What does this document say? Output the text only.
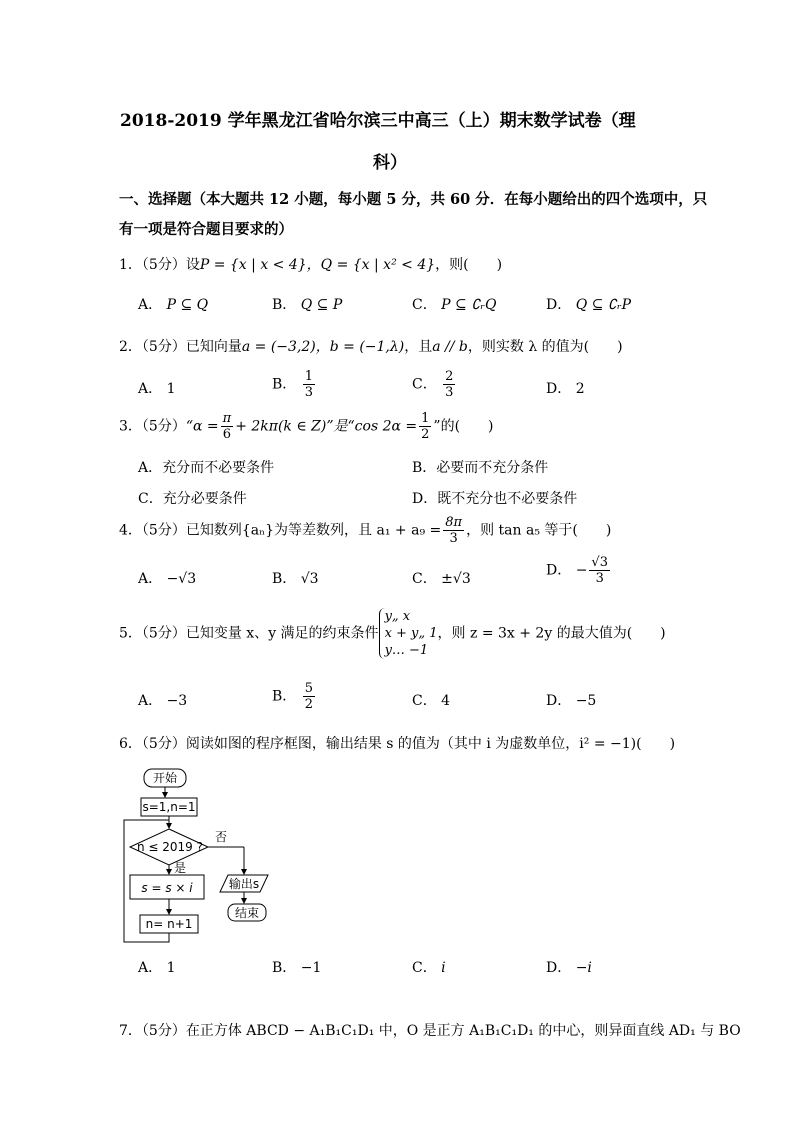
2018-2019 学年黑龙江省哈尔滨三中高三（上）期末数学试卷（理
科）
一、选择题（本大题共 12 小题，每小题 5 分，共 60 分．在每小题给出的四个选项中，只
有一项是符合题目要求的）
1．（5分）设P = {x | x < 4}，Q = {x | x² < 4}，则(　　)
A． P ⊆ Q	B． Q ⊆ P	C． P ⊆ ∁ᵣQ	D． Q ⊆ ∁ᵣP
2．（5分）已知向量a = (−3,2)，b = (−1,λ)，且a // b，则实数 λ 的值为(　　)
A． 1	B． $\frac{1}{3}$	C． $\frac{2}{3}$	D． 2
3．（5分）“α = $\frac{\pi}{6} + 2k\pi(k$ ∈ Z)”是“cos $2\alpha = \frac{1}{2}$ ”的(　　)
A．充分而不必要条件	B．必要而不充分条件
C．充分必要条件	D．既不充分也不必要条件
4．（5分）已知数列{aₙ}为等差数列，且 $a_1 + a_9 = \frac{8\pi}{3}$ ，则 tan a₅ 等于(　　)
A． −√3	B． √3	C． ±√3
D． − $\frac{√3}{3}$
5．（5分）已知变量 x、y 满足的约束条件
y„ x
x + y„ 1
y… −1
，则 z = 3x + 2y 的最大值为(　　)
A． −3	B． $\frac{5}{2}$	C． 4	D． −5
6．（5分）阅读如图的程序框图，输出结果 s 的值为（其中 i 为虚数单位，i² = −1)(　　)
开始
s=1,n=1
n ≤ 2019 ?
否
输出s
结束
是
s = s × i
n= n+1
A． 1	B． −1	C． i	D． −i
7．（5分）在正方体 ABCD − A₁B₁C₁D₁ 中，O 是正方 A₁B₁C₁D₁ 的中心，则异面直线 AD₁ 与 BO
